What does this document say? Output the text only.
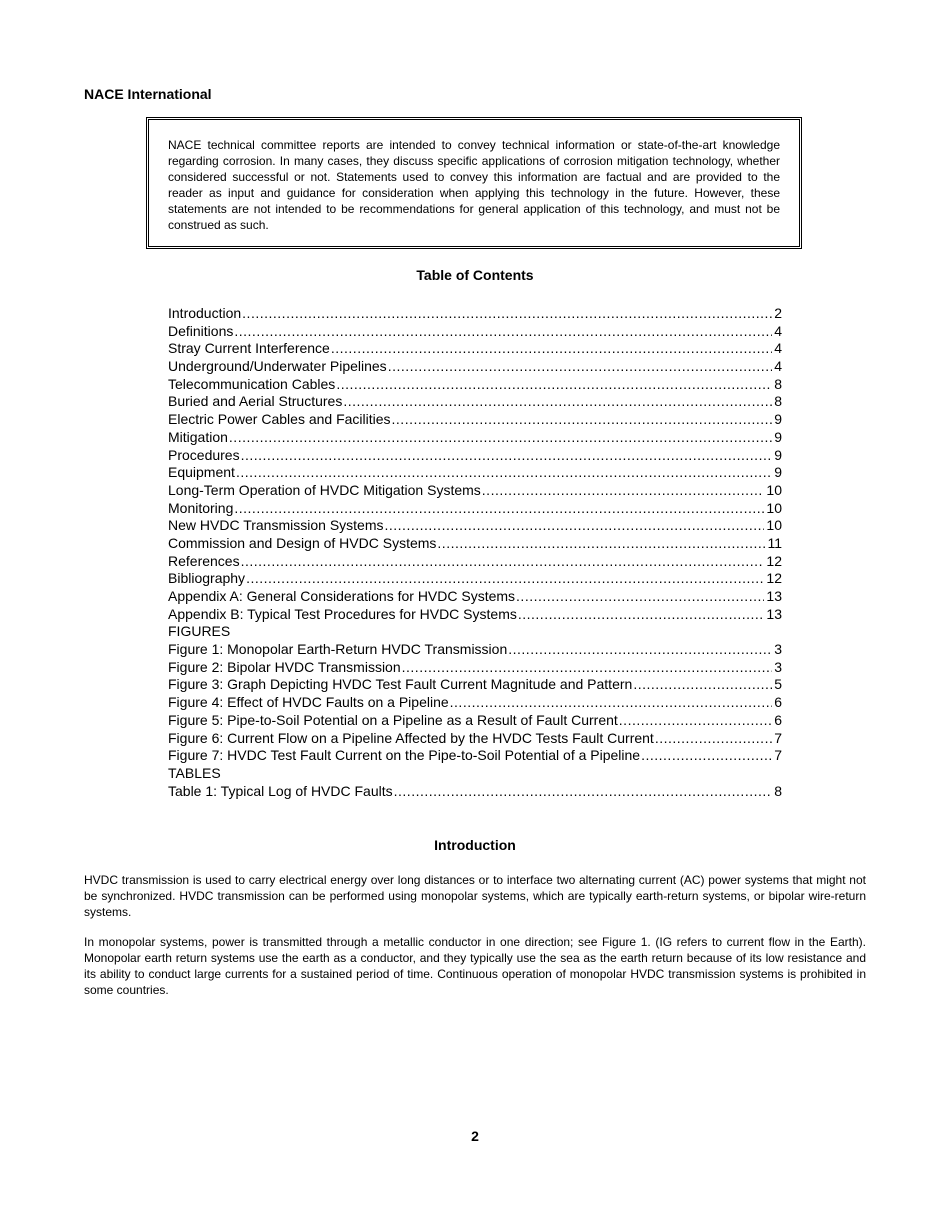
NACE International

NACE technical committee reports are intended to convey technical information or state-of-the-art knowledge regarding corrosion. In many cases, they discuss specific applications of corrosion mitigation technology, whether considered successful or not. Statements used to convey this information are factual and are provided to the reader as input and guidance for consideration when applying this technology in the future. However, these statements are not intended to be recommendations for general application of this technology, and must not be construed as such.

Table of Contents
Introduction .....	2
Definitions .....	4
Stray Current Interference .....	4
Underground/Underwater Pipelines .....	4
Telecommunication Cables .....	8
Buried and Aerial Structures .....	8
Electric Power Cables and Facilities .....	9
Mitigation .....	9
Procedures .....	9
Equipment .....	9
Long-Term Operation of HVDC Mitigation Systems .....	10
Monitoring .....	10
New HVDC Transmission Systems .....	10
Commission and Design of HVDC Systems .....	11
References .....	12
Bibliography .....	12
Appendix A: General Considerations for HVDC Systems .....	13
Appendix B: Typical Test Procedures for HVDC Systems .....	13
FIGURES
Figure 1: Monopolar Earth-Return HVDC Transmission .....	3
Figure 2: Bipolar HVDC Transmission .....	3
Figure 3: Graph Depicting HVDC Test Fault Current Magnitude and Pattern .....	5
Figure 4: Effect of HVDC Faults on a Pipeline .....	6
Figure 5: Pipe-to-Soil Potential on a Pipeline as a Result of Fault Current .....	6
Figure 6: Current Flow on a Pipeline Affected by the HVDC Tests Fault Current .....	7
Figure 7: HVDC Test Fault Current on the Pipe-to-Soil Potential of a Pipeline .....	7
TABLES
Table 1: Typical Log of HVDC Faults .....	8
Introduction

HVDC transmission is used to carry electrical energy over long distances or to interface two alternating current (AC) power systems that might not be synchronized. HVDC transmission can be performed using monopolar systems, which are typically earth-return systems, or bipolar wire-return systems.

In monopolar systems, power is transmitted through a metallic conductor in one direction; see Figure 1. (IG refers to current flow in the Earth). Monopolar earth return systems use the earth as a conductor, and they typically use the sea as the earth return because of its low resistance and its ability to conduct large currents for a sustained period of time. Continuous operation of monopolar HVDC transmission systems is prohibited in some countries.

2
